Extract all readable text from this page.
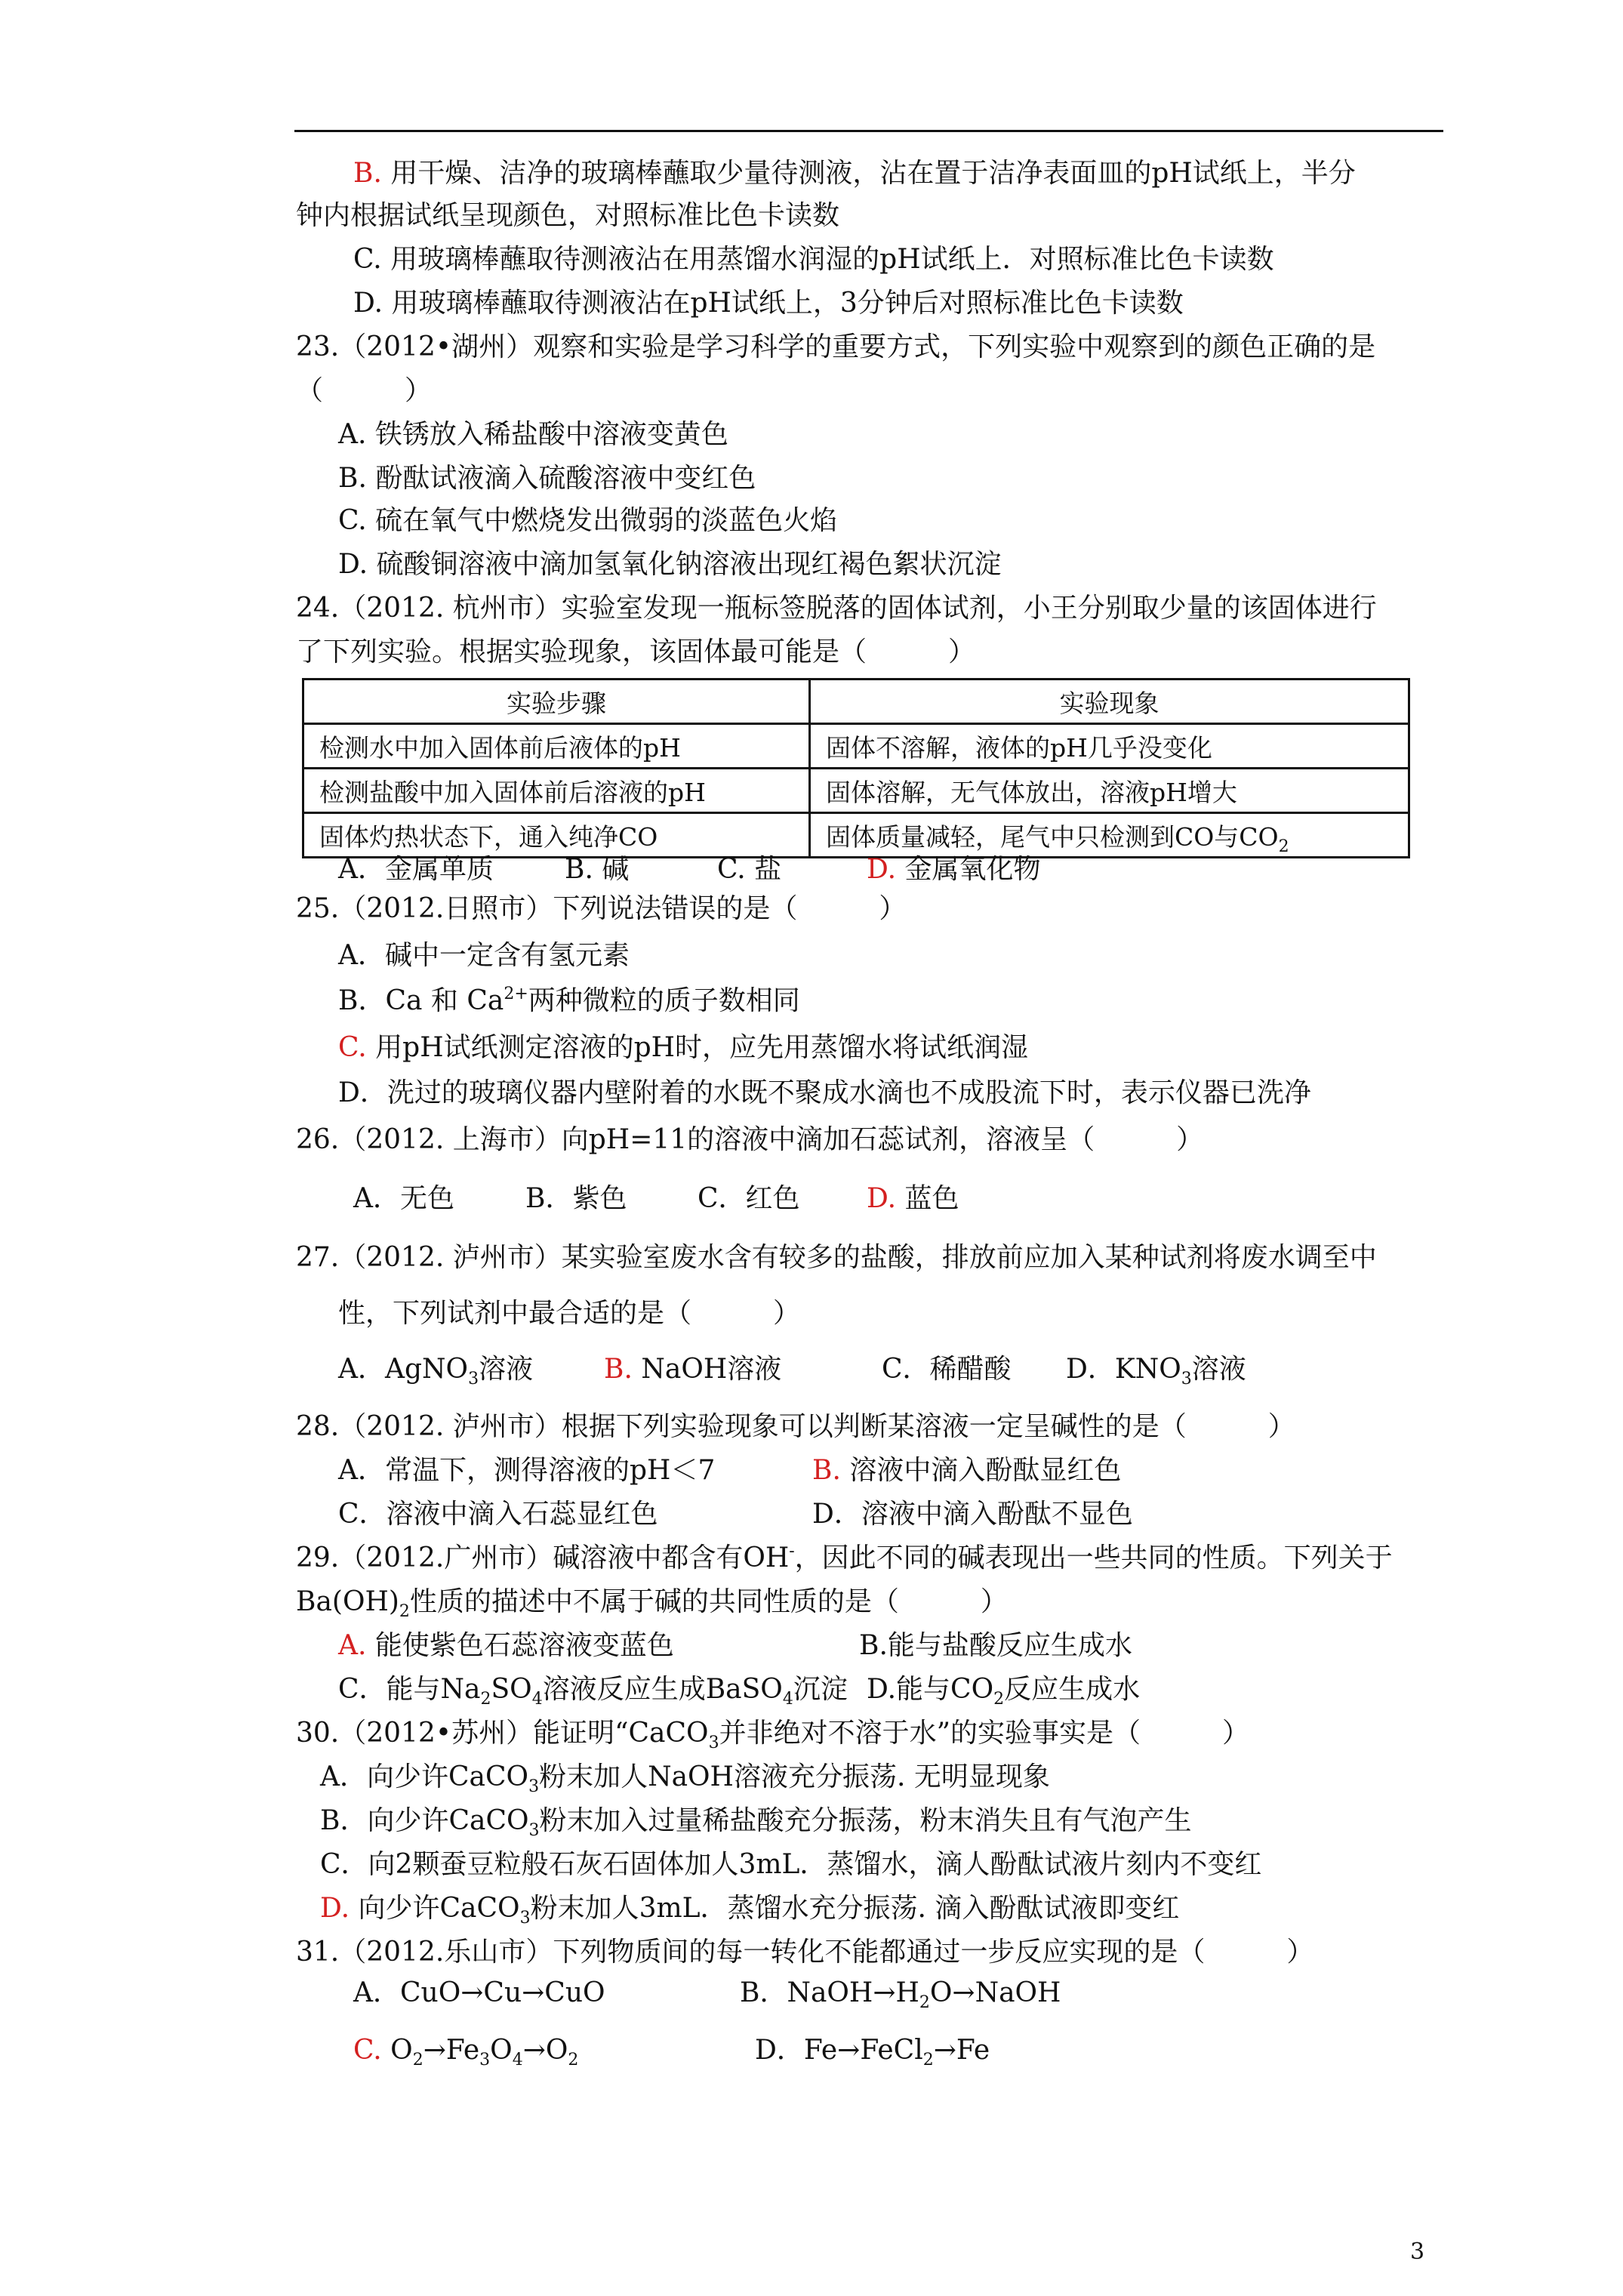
B. 用干燥、洁净的玻璃棒蘸取少量待测液，沾在置于洁净表面皿的pH试纸上，半分
钟内根据试纸呈现颜色，对照标准比色卡读数
C. 用玻璃棒蘸取待测液沾在用蒸馏水润湿的pH试纸上．对照标准比色卡读数
D. 用玻璃棒蘸取待测液沾在pH试纸上，3分钟后对照标准比色卡读数
23.（2012•湖州）观察和实验是学习科学的重要方式，下列实验中观察到的颜色正确的是
（　　　）
A. 铁锈放入稀盐酸中溶液变黄色
B. 酚酞试液滴入硫酸溶液中变红色
C. 硫在氧气中燃烧发出微弱的淡蓝色火焰
D. 硫酸铜溶液中滴加氢氧化钠溶液出现红褐色絮状沉淀
24.（2012. 杭州市）实验室发现一瓶标签脱落的固体试剂，小王分别取少量的该固体进行
了下列实验。根据实验现象，该固体最可能是（　　　）
实验步骤	实验现象
检测水中加入固体前后液体的pH	固体不溶解，液体的pH几乎没变化
检测盐酸中加入固体前后溶液的pH	固体溶解，无气体放出，溶液pH增大
固体灼热状态下，通入纯净CO	固体质量减轻，尾气中只检测到CO与$CO_2$
A．金属单质	B. 碱	C. 盐	D. 金属氧化物
25.（2012.日照市）下列说法错误的是（　　　）
A．碱中一定含有氢元素
B．Ca 和 $Ca^{2+}$两种微粒的质子数相同
C. 用pH试纸测定溶液的pH时，应先用蒸馏水将试纸润湿
D．洗过的玻璃仪器内壁附着的水既不聚成水滴也不成股流下时，表示仪器已洗净
26.（2012. 上海市）向pH=11的溶液中滴加石蕊试剂，溶液呈（　　　）
A．无色	B．紫色	C．红色 D. 蓝色
27.（2012. 泸州市）某实验室废水含有较多的盐酸，排放前应加入某种试剂将废水调至中
性，下列试剂中最合适的是（　　　）
A．AgNO$_3$溶液	B. NaOH溶液	C．稀醋酸 D．$KNO_3$溶液
28.（2012. 泸州市）根据下列实验现象可以判断某溶液一定呈碱性的是（　　　）
A．常温下，测得溶液的pH＜7	B. 溶液中滴入酚酞显红色
C．溶液中滴入石蕊显红色	D．溶液中滴入酚酞不显色
29.（2012.广州市）碱溶液中都含有OH-，因此不同的碱表现出一些共同的性质。下列关于
$Ba(OH)_2$性质的描述中不属于碱的共同性质的是（　　　）
A. 能使紫色石蕊溶液变蓝色	B.能与盐酸反应生成水
C．能与$Na_2SO_4$溶液反应生成BaSO$_4$沉淀 D.能与$CO_2$反应生成水
30.（2012•苏州）能证明“CaCO$_3$并非绝对不溶于水”的实验事实是（　　　）
A．向少许CaCO$_3$粉末加人NaOH溶液充分振荡. 无明显现象
B．向少许CaCO$_3$粉末加入过量稀盐酸充分振荡，粉末消失且有气泡产生
C．向2颗蚕豆粒般石灰石固体加人3mL．蒸馏水，滴人酚酞试液片刻内不变红
D. 向少许CaCO$_3$粉末加人3mL．蒸馏水充分振荡. 滴入酚酞试液即变红
31.（2012.乐山市）下列物质间的每一转化不能都通过一步反应实现的是（　　　）
A．CuO→Cu→CuO	B．$NaOH\to H_2O\to NaOH$
C. $O_2\to Fe_3O_4\to O_2$	D．Fe→FeCl$_2$→Fe
3
